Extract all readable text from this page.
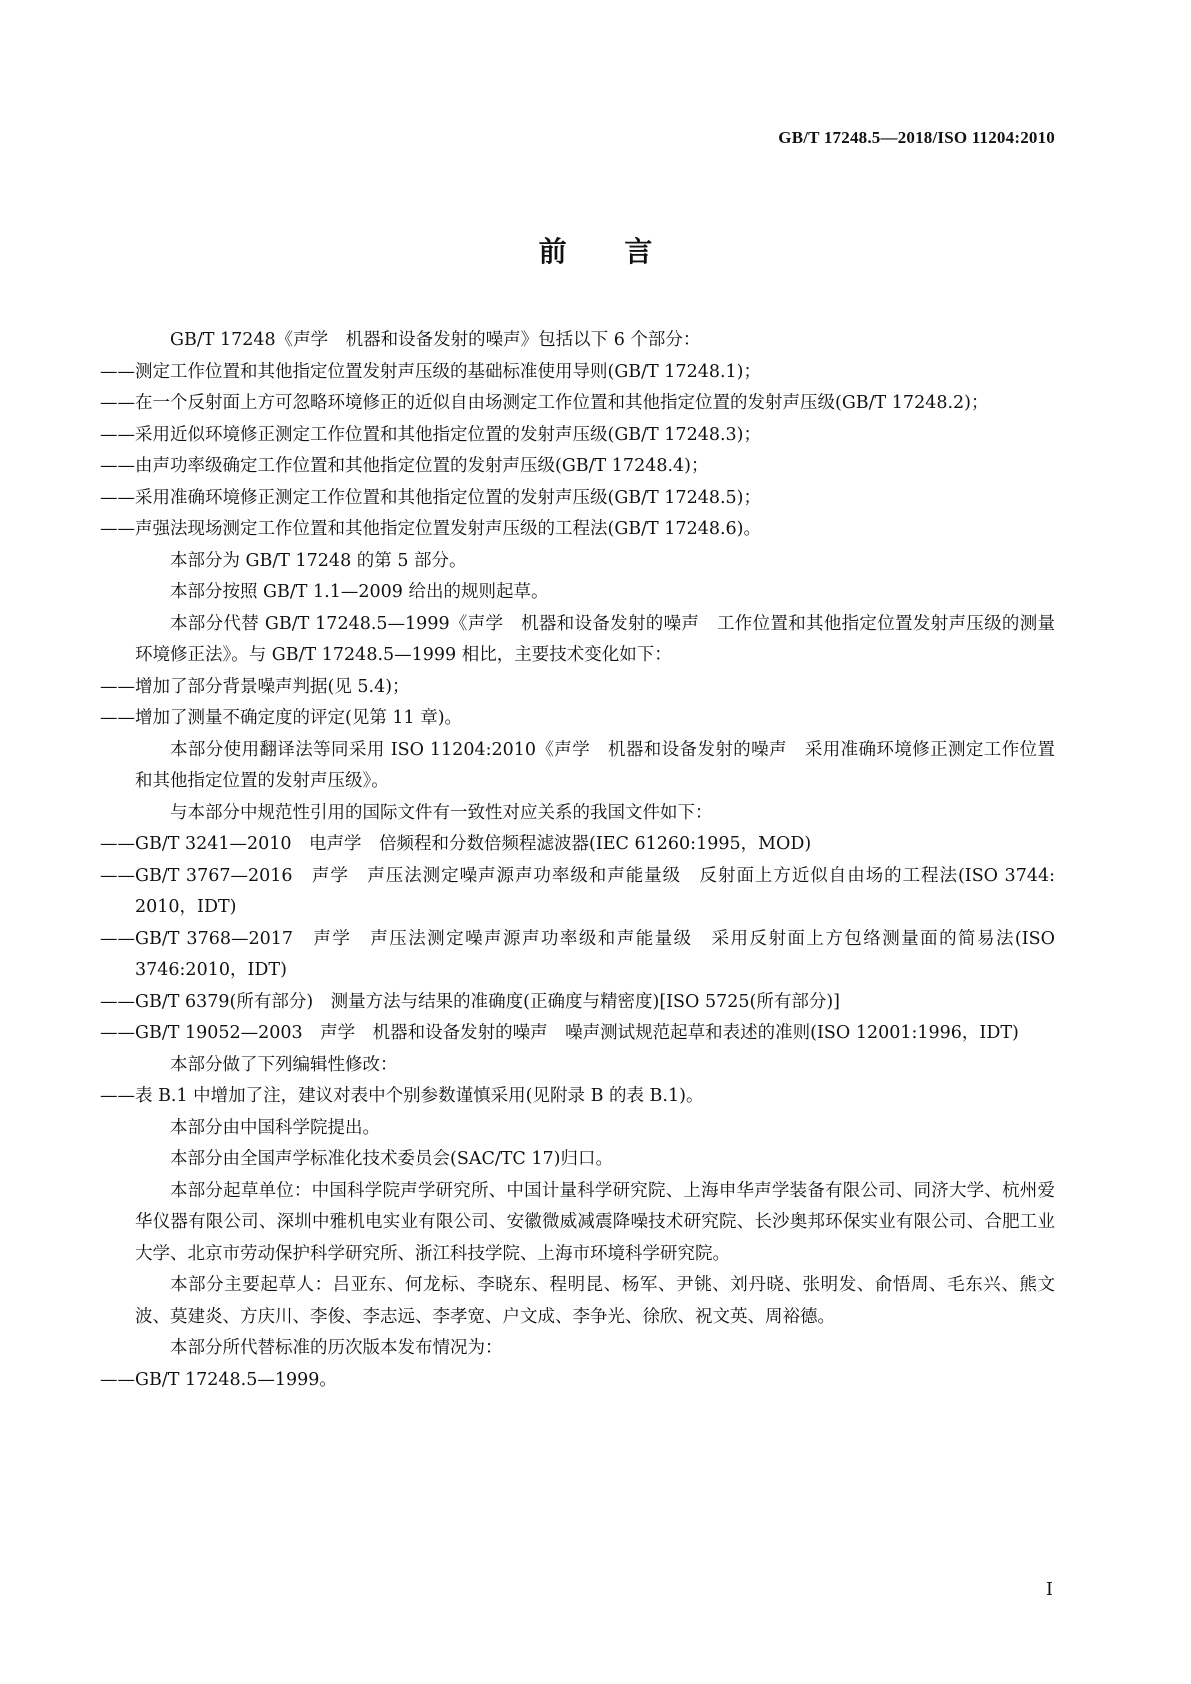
GB/T 17248.5—2018/ISO 11204:2010
前 言

GB/T 17248《声学　机器和设备发射的噪声》包括以下 6 个部分：

——测定工作位置和其他指定位置发射声压级的基础标准使用导则(GB/T 17248.1)；

——在一个反射面上方可忽略环境修正的近似自由场测定工作位置和其他指定位置的发射声压级(GB/T 17248.2)；

——采用近似环境修正测定工作位置和其他指定位置的发射声压级(GB/T 17248.3)；

——由声功率级确定工作位置和其他指定位置的发射声压级(GB/T 17248.4)；

——采用准确环境修正测定工作位置和其他指定位置的发射声压级(GB/T 17248.5)；

——声强法现场测定工作位置和其他指定位置发射声压级的工程法(GB/T 17248.6)。

本部分为 GB/T 17248 的第 5 部分。

本部分按照 GB/T 1.1—2009 给出的规则起草。

本部分代替 GB/T 17248.5—1999《声学　机器和设备发射的噪声　工作位置和其他指定位置发射声压级的测量　环境修正法》。与 GB/T 17248.5—1999 相比，主要技术变化如下：

——增加了部分背景噪声判据(见 5.4)；

——增加了测量不确定度的评定(见第 11 章)。

本部分使用翻译法等同采用 ISO 11204:2010《声学　机器和设备发射的噪声　采用准确环境修正测定工作位置和其他指定位置的发射声压级》。

与本部分中规范性引用的国际文件有一致性对应关系的我国文件如下：

——GB/T 3241—2010　电声学　倍频程和分数倍频程滤波器(IEC 61260:1995，MOD)

——GB/T 3767—2016　声学　声压法测定噪声源声功率级和声能量级　反射面上方近似自由场的工程法(ISO 3744: 2010，IDT)

——GB/T 3768—2017　声学　声压法测定噪声源声功率级和声能量级　采用反射面上方包络测量面的简易法(ISO 3746:2010，IDT)

——GB/T 6379(所有部分)　测量方法与结果的准确度(正确度与精密度)[ISO 5725(所有部分)]

——GB/T 19052—2003　声学　机器和设备发射的噪声　噪声测试规范起草和表述的准则(ISO 12001:1996，IDT)

本部分做了下列编辑性修改：

——表 B.1 中增加了注，建议对表中个别参数谨慎采用(见附录 B 的表 B.1)。

本部分由中国科学院提出。

本部分由全国声学标准化技术委员会(SAC/TC 17)归口。

本部分起草单位：中国科学院声学研究所、中国计量科学研究院、上海申华声学装备有限公司、同济大学、杭州爱华仪器有限公司、深圳中雅机电实业有限公司、安徽微威减震降噪技术研究院、长沙奥邦环保实业有限公司、合肥工业大学、北京市劳动保护科学研究所、浙江科技学院、上海市环境科学研究院。

本部分主要起草人：吕亚东、何龙标、李晓东、程明昆、杨军、尹铫、刘丹晓、张明发、俞悟周、毛东兴、熊文波、莫建炎、方庆川、李俊、李志远、李孝宽、户文成、李争光、徐欣、祝文英、周裕德。

本部分所代替标准的历次版本发布情况为：

——GB/T 17248.5—1999。

I
